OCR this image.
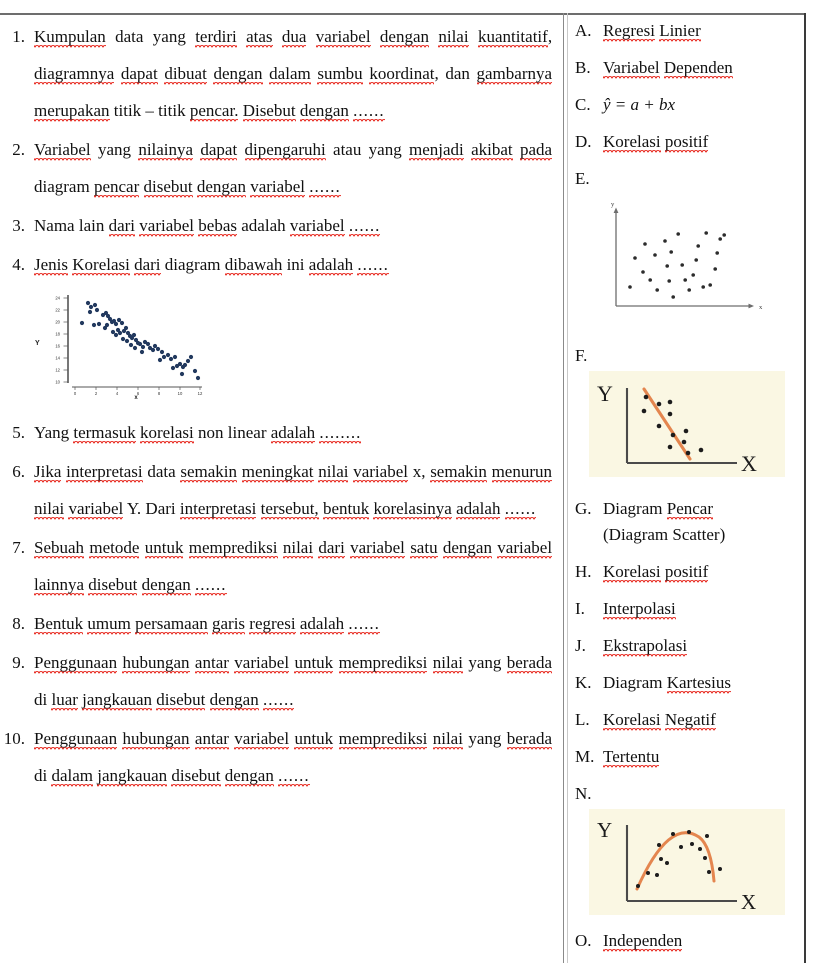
1. Kumpulan data yang terdiri atas dua variabel dengan nilai kuantitatif, diagramnya dapat dibuat dengan dalam sumbu koordinat, dan gambarnya merupakan titik – titik pencar. Disebut dengan ......
2. Variabel yang nilainya dapat dipengaruhi atau yang menjadi akibat pada diagram pencar disebut dengan variabel ......
3. Nama lain dari variabel bebas adalah variabel ......
4. Jenis Korelasi dari diagram dibawah ini adalah ......
Y
24
22
20
18
16
14
12
10
0	2	4	6	8	10	12
x
5. Yang termasuk korelasi non linear adalah ........
6. Jika interpretasi data semakin meningkat nilai variabel x, semakin menurun nilai variabel Y. Dari interpretasi tersebut, bentuk korelasinya adalah ......
7. Sebuah metode untuk memprediksi nilai dari variabel satu dengan variabel lainnya disebut dengan ......
8. Bentuk umum persamaan garis regresi adalah ......
9. Penggunaan hubungan antar variabel untuk memprediksi nilai yang berada di luar jangkauan disebut dengan ......
10. Penggunaan hubungan antar variabel untuk memprediksi nilai yang berada di dalam jangkauan disebut dengan ......
A. Regresi Linier
B. Variabel Dependen
C. ŷ = a + bx
D. Korelasi positif
E.
y
x
F.
Y
X
G. Diagram Pencar
(Diagram Scatter)
H. Korelasi positif
I.	Interpolasi
J.	Ekstrapolasi
K. Diagram Kartesius
L. Korelasi Negatif
M. Tertentu
N.
Y
X
O. Independen
